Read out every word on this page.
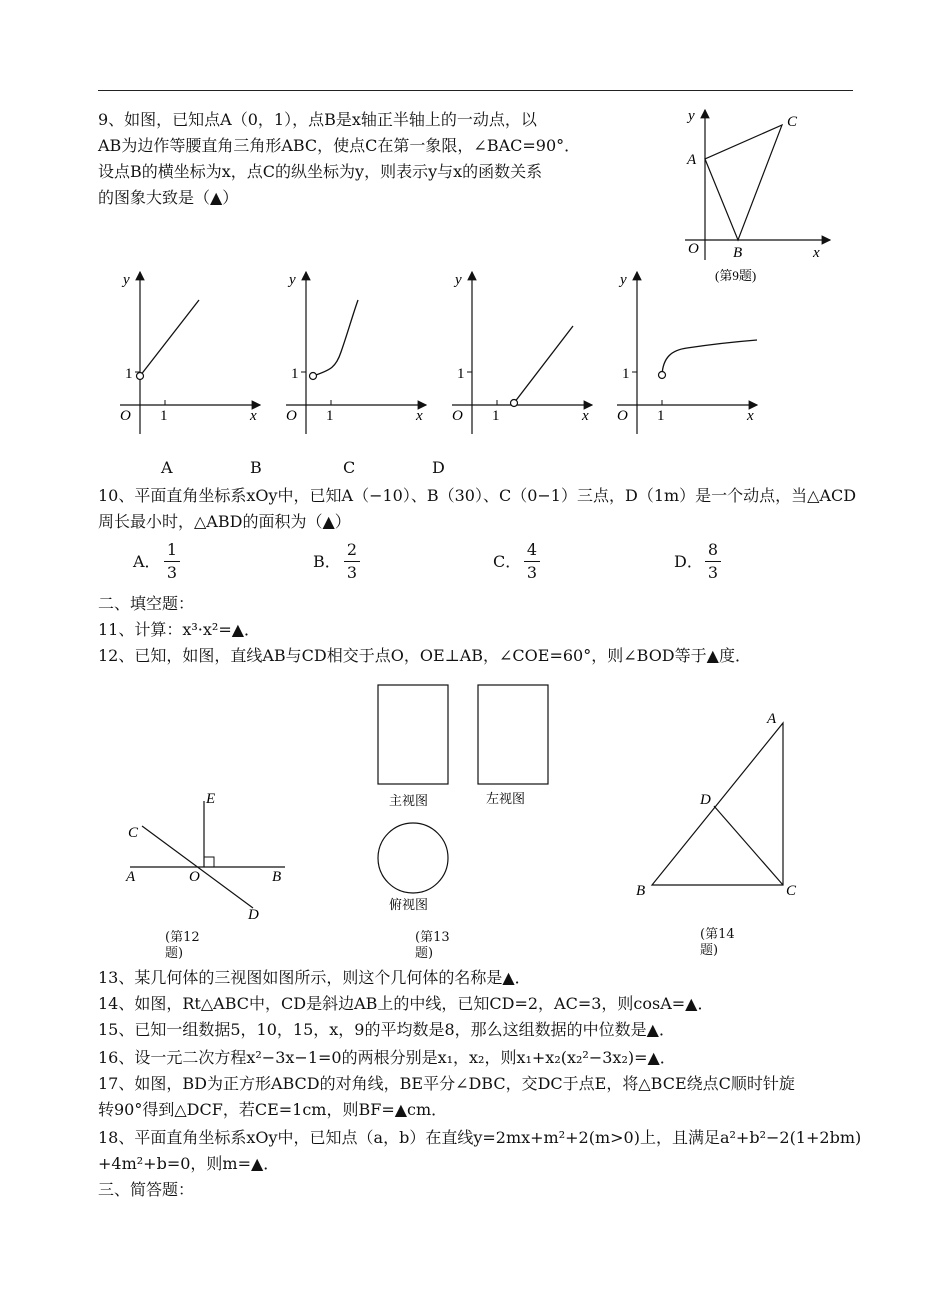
9、如图，已知点A（0，1），点B是x轴正半轴上的一动点，以
AB为边作等腰直角三角形ABC，使点C在第一象限，∠BAC=90°．
设点B的横坐标为x，点C的纵坐标为y，则表示y与x的函数关系
的图象大致是（▲）
y
x
A
B
C
O
(第9题)
y
x
O
1
1
y
x
O
1
1
y
x
O
1
1
y
x
O
1
1
A	B	C	D
10、平面直角坐标系xOy中，已知A（−10）、B（30）、C（0−1）三点，D（1m）是一个动点，当△ACD
周长最小时，△ABD的面积为（▲）
A．
1
3
B．
2
3
C．
4
3
D．
8
3
二、填空题：
11、计算：x³·x²=▲．
12、已知，如图，直线AB与CD相交于点O，OE⊥AB，∠COE=60°，则∠BOD等于▲度．
E
C
A	O	B
D
(第12
题)
主视图	左视图
俯视图
(第13
题)
A
D
B	C
(第14
题)
13、某几何体的三视图如图所示，则这个几何体的名称是▲．
14、如图，Rt△ABC中，CD是斜边AB上的中线，已知CD=2，AC=3，则cosA=▲．
15、已知一组数据5，10，15，x，9的平均数是8，那么这组数据的中位数是▲．
16、设一元二次方程x²−3x−1=0的两根分别是x₁，x₂，则x₁+x₂(x₂²−3x₂)=▲．
17、如图，BD为正方形ABCD的对角线，BE平分∠DBC，交DC于点E，将△BCE绕点C顺时针旋
转90°得到△DCF，若CE=1cm，则BF=▲cm．
18、平面直角坐标系xOy中，已知点（a，b）在直线y=2mx+m²+2(m>0)上，且满足a²+b²−2(1+2bm)
+4m²+b=0，则m=▲．
三、简答题：
